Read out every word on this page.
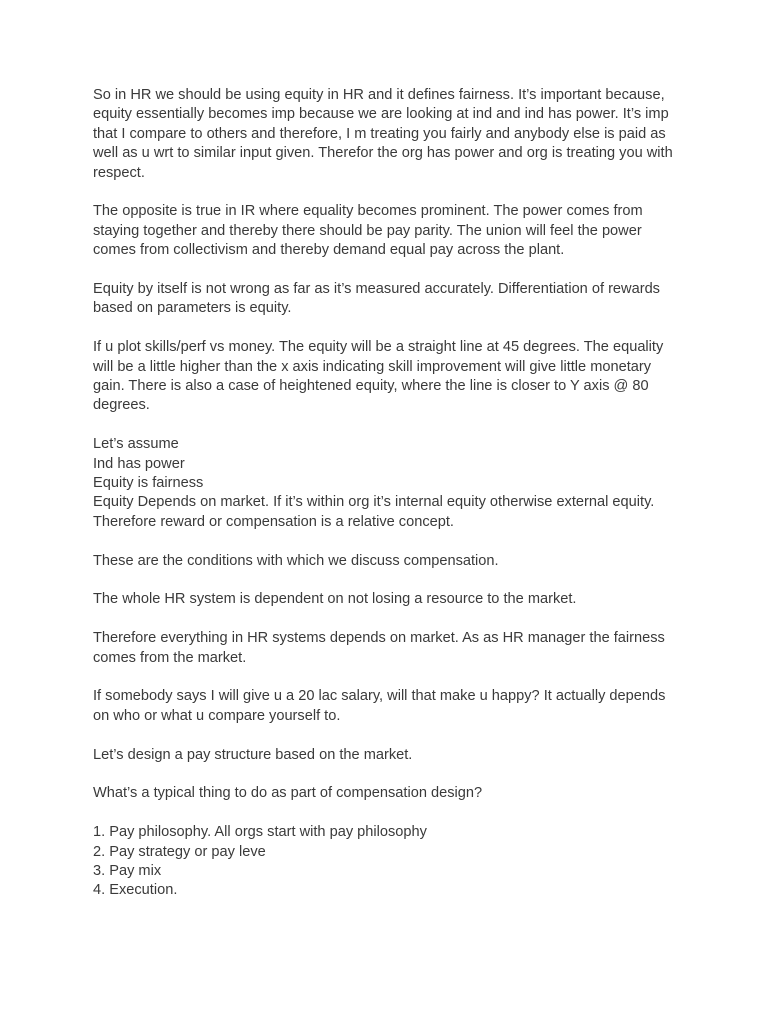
So in HR we should be using equity in HR and it defines fairness. It’s important because, equity essentially becomes imp because we are looking at ind and ind has power. It’s imp that I compare to others and therefore, I m treating you fairly and anybody else is paid as well as u wrt to similar input given. Therefor the org has power and org is treating you with respect.

The opposite is true in IR where equality becomes prominent. The power comes from staying together and thereby there should be pay parity. The union will feel the power comes from collectivism and thereby demand equal pay across the plant.

Equity by itself is not wrong as far as it’s measured accurately. Differentiation of rewards based on parameters is equity.

If u plot skills/perf vs money. The equity will be a straight line at 45 degrees. The equality will be a little higher than the x axis indicating skill improvement will give little monetary gain. There is also a case of heightened equity, where the line is closer to Y axis @ 80 degrees.

Let’s assume
Ind has power
Equity is fairness
Equity Depends on market. If it’s within org it’s internal equity otherwise external equity.
Therefore reward or compensation is a relative concept.

These are the conditions with which we discuss compensation.

The whole HR system is dependent on not losing a resource to the market.

Therefore everything in HR systems depends on market. As as HR manager the fairness comes from the market.

If somebody says I will give u a 20 lac salary, will that make u happy? It actually depends on who or what u compare yourself to.

Let’s design a pay structure based on the market.

What’s a typical thing to do as part of compensation design?

1. Pay philosophy. All orgs start with pay philosophy
2. Pay strategy or pay leve
3. Pay mix
4. Execution.
